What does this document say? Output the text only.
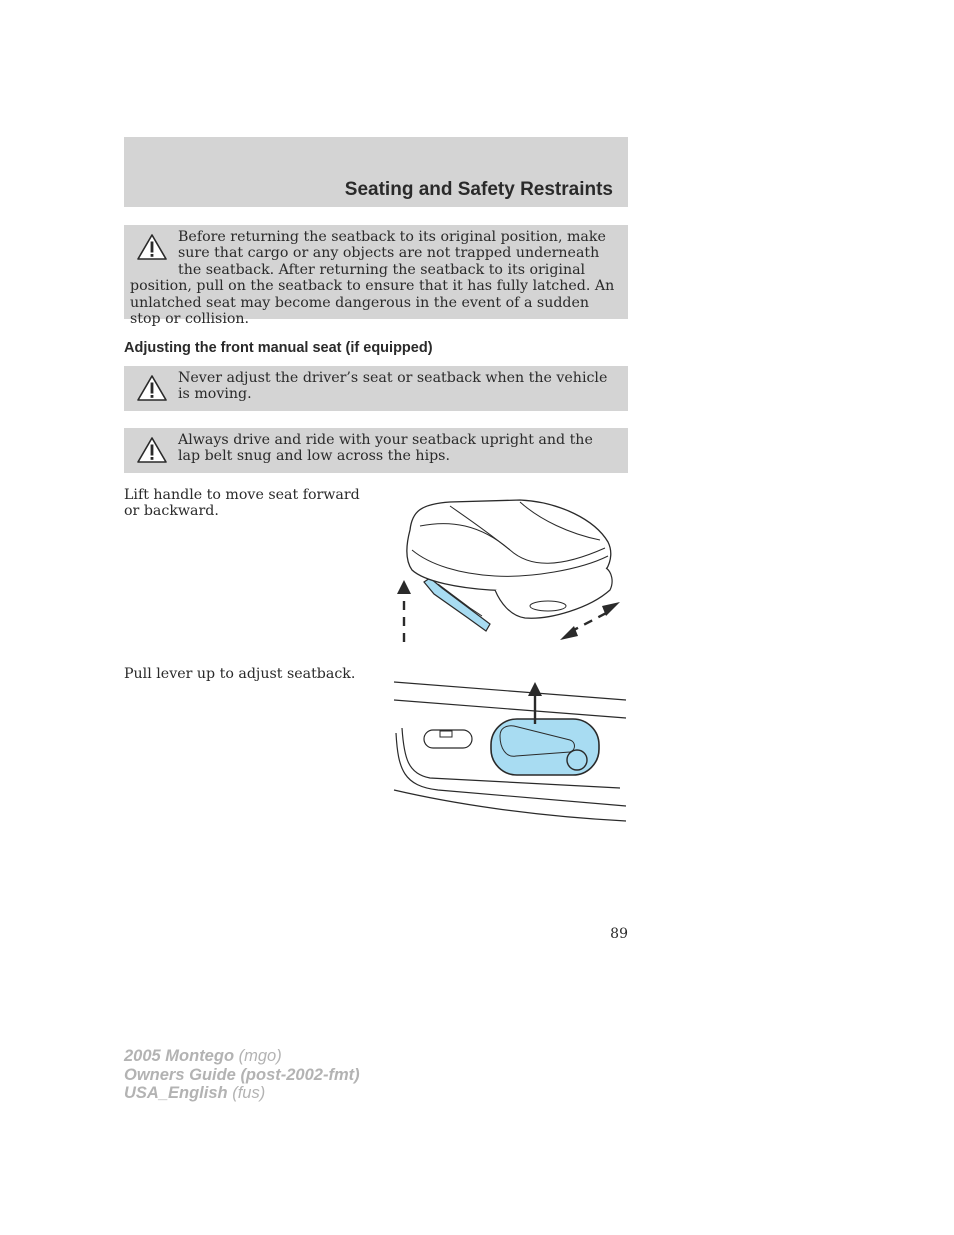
Seating and Safety Restraints
Before returning the seatback to its original position, make sure that cargo or any objects are not trapped underneath the seatback. After returning the seatback to its original position, pull on the seatback to ensure that it has fully latched. An unlatched seat may become dangerous in the event of a sudden stop or collision.
Adjusting the front manual seat (if equipped)
Never adjust the driver’s seat or seatback when the vehicle is moving.
Always drive and ride with your seatback upright and the lap belt snug and low across the hips.
Lift handle to move seat forward or backward.
Pull lever up to adjust seatback.
89
2005 Montego (mgo)
Owners Guide (post-2002-fmt)
USA_English (fus)
